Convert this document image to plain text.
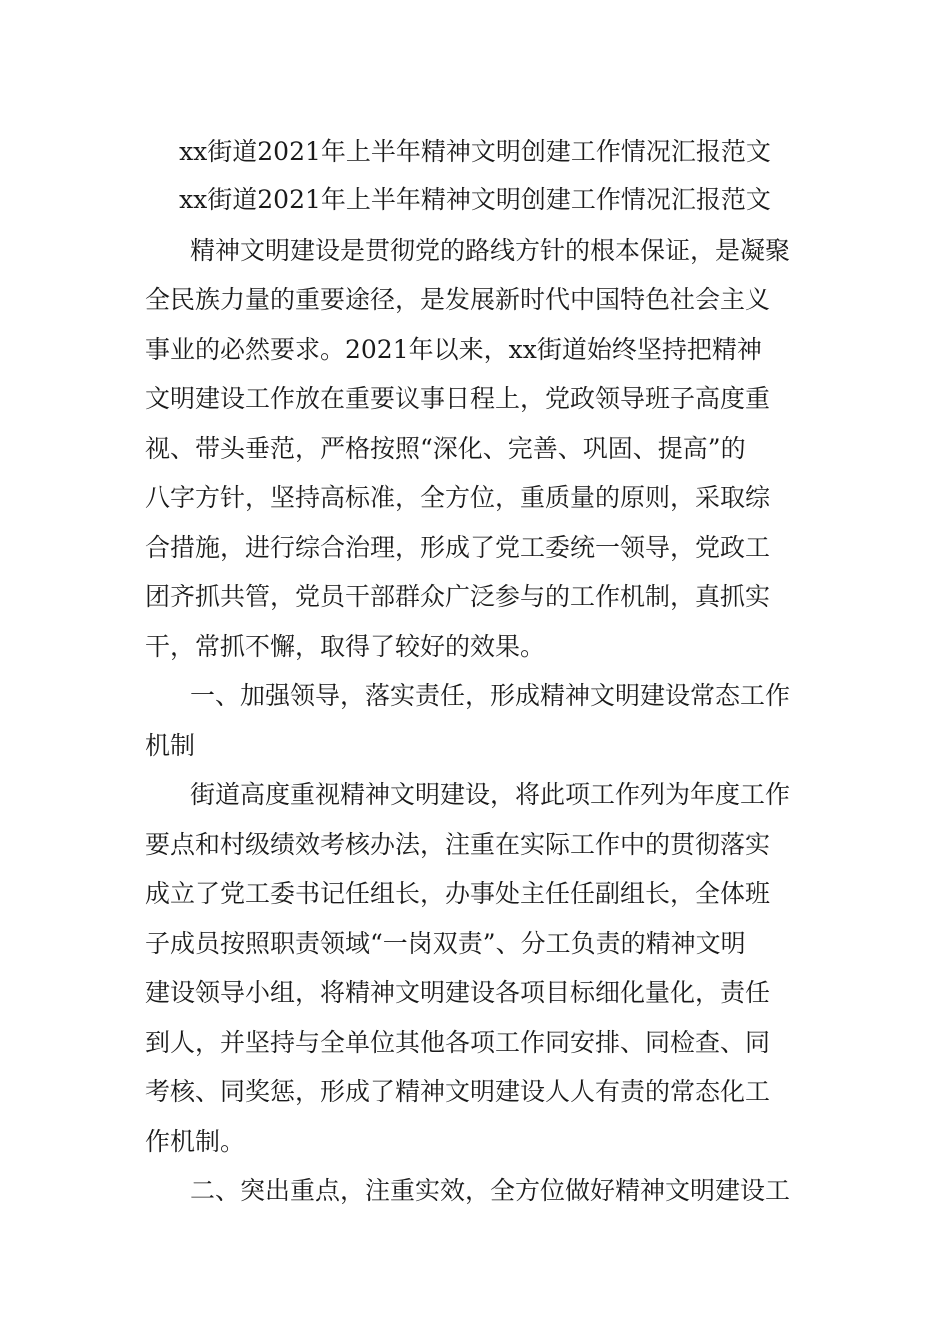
xx街道2021年上半年精神文明创建工作情况汇报范文
xx街道2021年上半年精神文明创建工作情况汇报范文

精神文明建设是贯彻党的路线方针的根本保证，是凝聚

全民族力量的重要途径，是发展新时代中国特色社会主义

事业的必然要求。2021年以来，xx街道始终坚持把精神

文明建设工作放在重要议事日程上，党政领导班子高度重

视、带头垂范，严格按照“深化、完善、巩固、提高”的

八字方针，坚持高标准，全方位，重质量的原则，采取综

合措施，进行综合治理，形成了党工委统一领导，党政工

团齐抓共管，党员干部群众广泛参与的工作机制，真抓实

干，常抓不懈，取得了较好的效果。

一、加强领导，落实责任，形成精神文明建设常态工作

机制

街道高度重视精神文明建设，将此项工作列为年度工作

要点和村级绩效考核办法，注重在实际工作中的贯彻落实

成立了党工委书记任组长，办事处主任任副组长，全体班

子成员按照职责领域“一岗双责”、分工负责的精神文明

建设领导小组，将精神文明建设各项目标细化量化，责任

到人，并坚持与全单位其他各项工作同安排、同检查、同

考核、同奖惩，形成了精神文明建设人人有责的常态化工

作机制。

二、突出重点，注重实效，全方位做好精神文明建设工
